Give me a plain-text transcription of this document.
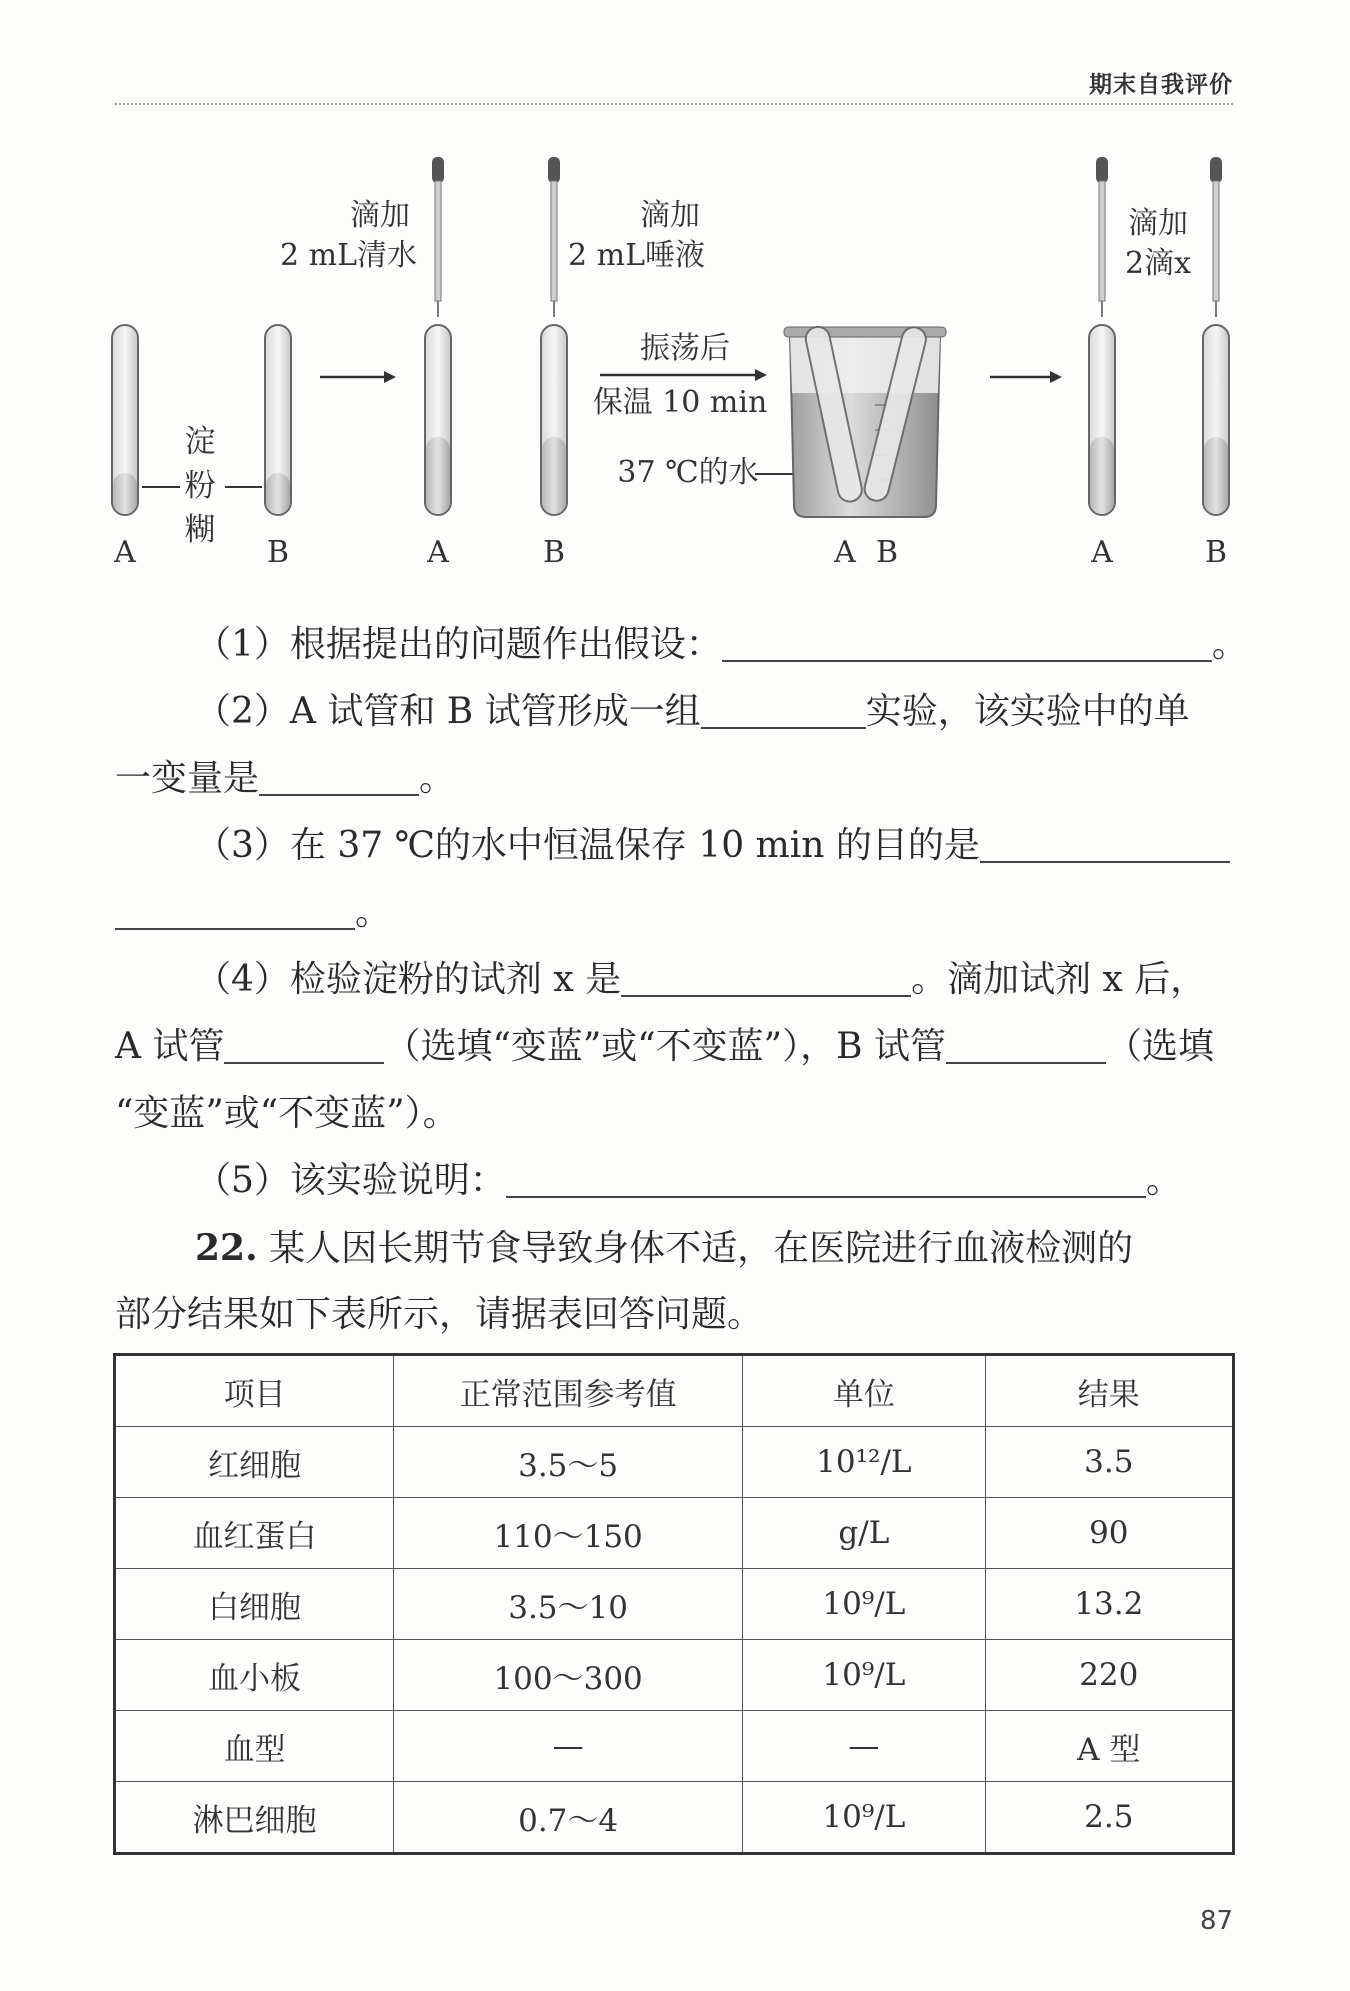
期末自我评价
淀
粉
糊
A	B
滴加
2 mL清水
A
滴加
2 mL唾液
B
振荡后
保温 10 min
37 ℃的水
A B	A	B
滴加
2滴x
（1）根据提出的问题作出假设：	。
（2）A 试管和 B 试管形成一组	实验，该实验中的单
一变量是	。
（3）在 37 ℃的水中恒温保存 10 min 的目的是
。
（4）检验淀粉的试剂 x 是	。滴加试剂 x 后，
A 试管	（选填“变蓝”或“不变蓝”），B 试管	（选填
“变蓝”或“不变蓝”）。
（5）该实验说明：	。
22. 某人因长期节食导致身体不适，在医院进行血液检测的
部分结果如下表所示，请据表回答问题。
项目	正常范围参考值	单位	结果
红细胞	3.5～5	10¹²/L	3.5
血红蛋白	110～150	g/L	90
白细胞	3.5～10	10⁹/L	13.2
血小板	100～300	10⁹/L	220
血型	—	—	A 型
淋巴细胞	0.7～4	10⁹/L	2.5
87
